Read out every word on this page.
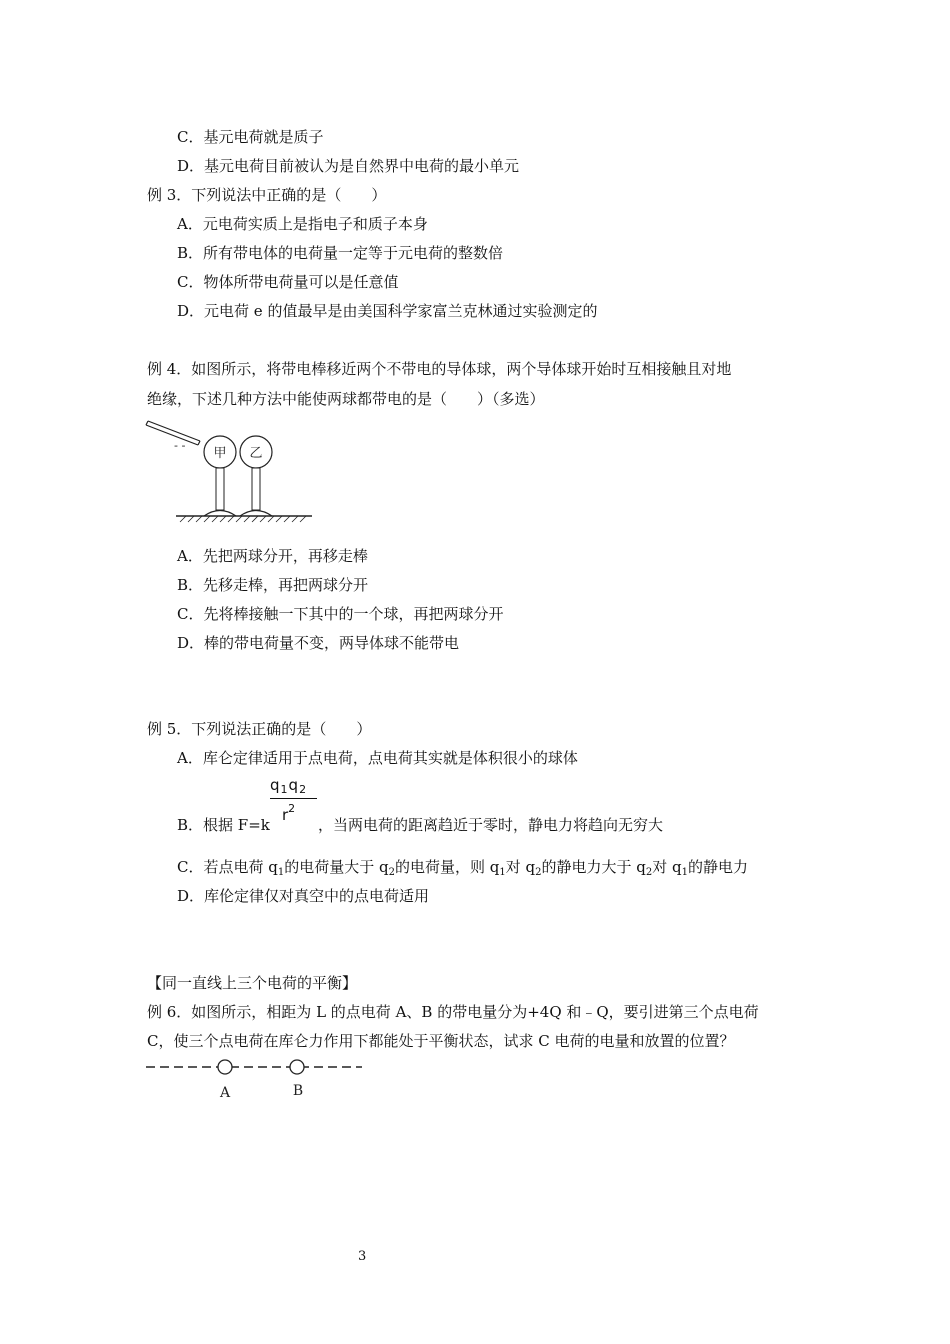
C．基元电荷就是质子
D．基元电荷目前被认为是自然界中电荷的最小单元
例 3．下列说法中正确的是（　　）
A．元电荷实质上是指电子和质子本身
B．所有带电体的电荷量一定等于元电荷的整数倍
C．物体所带电荷量可以是任意值
D．元电荷 e 的值最早是由美国科学家富兰克林通过实验测定的
例 4．如图所示，将带电棒移近两个不带电的导体球，两个导体球开始时互相接触且对地
绝缘，下述几种方法中能使两球都带电的是（　　）（多选）
- -
甲 乙
A．先把两球分开，再移走棒
B．先移走棒，再把两球分开
C．先将棒接触一下其中的一个球，再把两球分开
D．棒的带电荷量不变，两导体球不能带电
例 5．下列说法正确的是（　　）
A．库仑定律适用于点电荷，点电荷其实就是体积很小的球体
B．根据 F=k
$q_1q_2$
$r^2$
，当两电荷的距离趋近于零时，静电力将趋向无穷大
C．若点电荷 $q_1$的电荷量大于 $q_2$的电荷量，则 $q_1$对 $q_2$的静电力大于 $q_2$对 $q_1$的静电力
D．库伦定律仅对真空中的点电荷适用
【同一直线上三个电荷的平衡】
例 6．如图所示，相距为 L 的点电荷 A、B 的带电量分为+4Q 和﹣Q，要引进第三个点电荷
C，使三个点电荷在库仑力作用下都能处于平衡状态，试求 C 电荷的电量和放置的位置？
A	B
3
